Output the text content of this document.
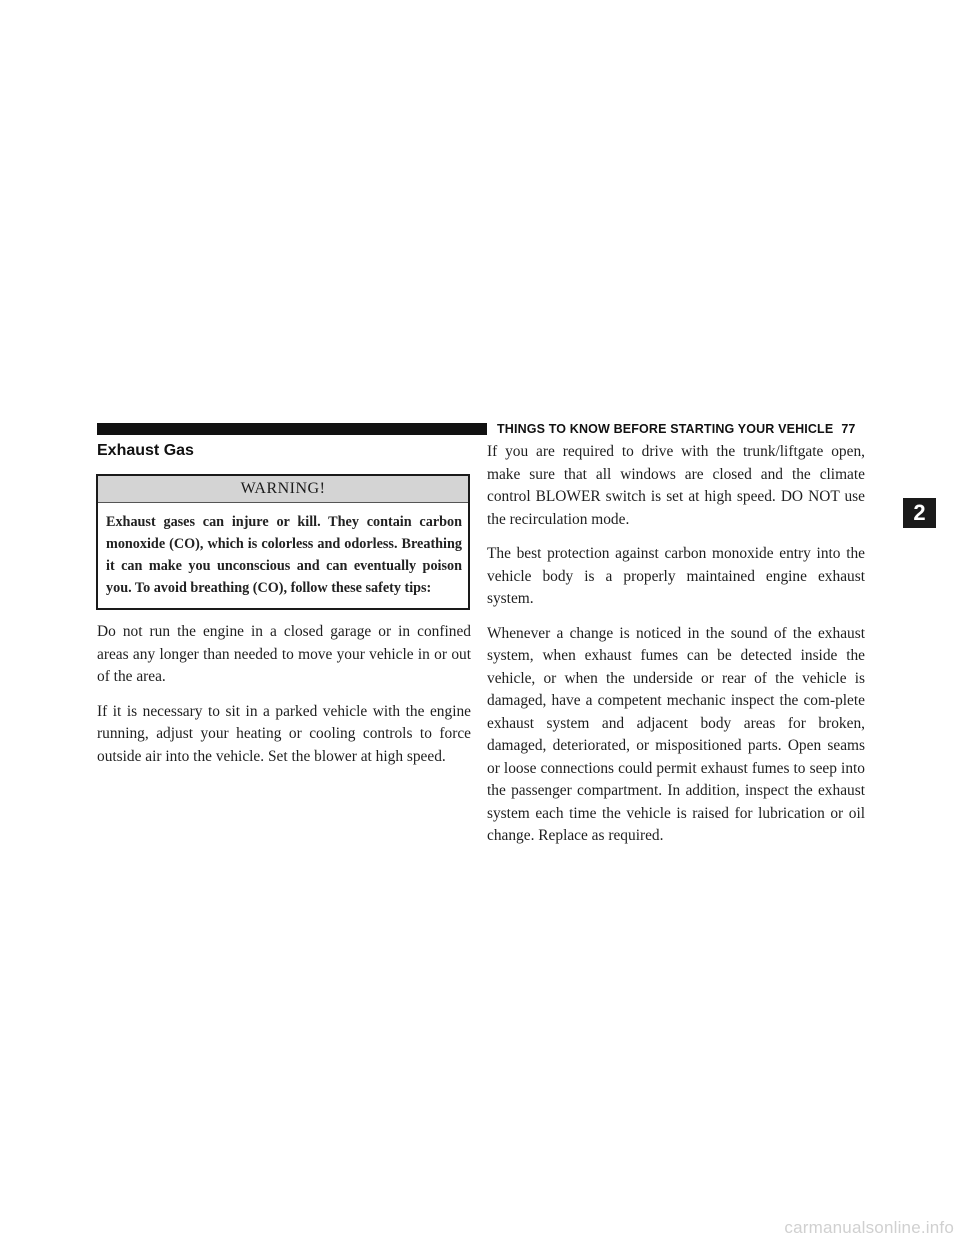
THINGS TO KNOW BEFORE STARTING YOUR VEHICLE 77
Exhaust Gas
WARNING!
Exhaust gases can injure or kill. They contain carbon monoxide (CO), which is colorless and odorless. Breathing it can make you unconscious and can eventually poison you. To avoid breathing (CO), follow these safety tips:

Do not run the engine in a closed garage or in confined areas any longer than needed to move your vehicle in or out of the area.

If it is necessary to sit in a parked vehicle with the engine running, adjust your heating or cooling controls to force outside air into the vehicle. Set the blower at high speed.

If you are required to drive with the trunk/liftgate open, make sure that all windows are closed and the climate control BLOWER switch is set at high speed. DO NOT use the recirculation mode.

The best protection against carbon monoxide entry into the vehicle body is a properly maintained engine exhaust system.

Whenever a change is noticed in the sound of the exhaust system, when exhaust fumes can be detected inside the vehicle, or when the underside or rear of the vehicle is damaged, have a competent mechanic inspect the com-plete exhaust system and adjacent body areas for broken, damaged, deteriorated, or mispositioned parts. Open seams or loose connections could permit exhaust fumes to seep into the passenger compartment. In addition, inspect the exhaust system each time the vehicle is raised for lubrication or oil change. Replace as required.

2
carmanualsonline.info
